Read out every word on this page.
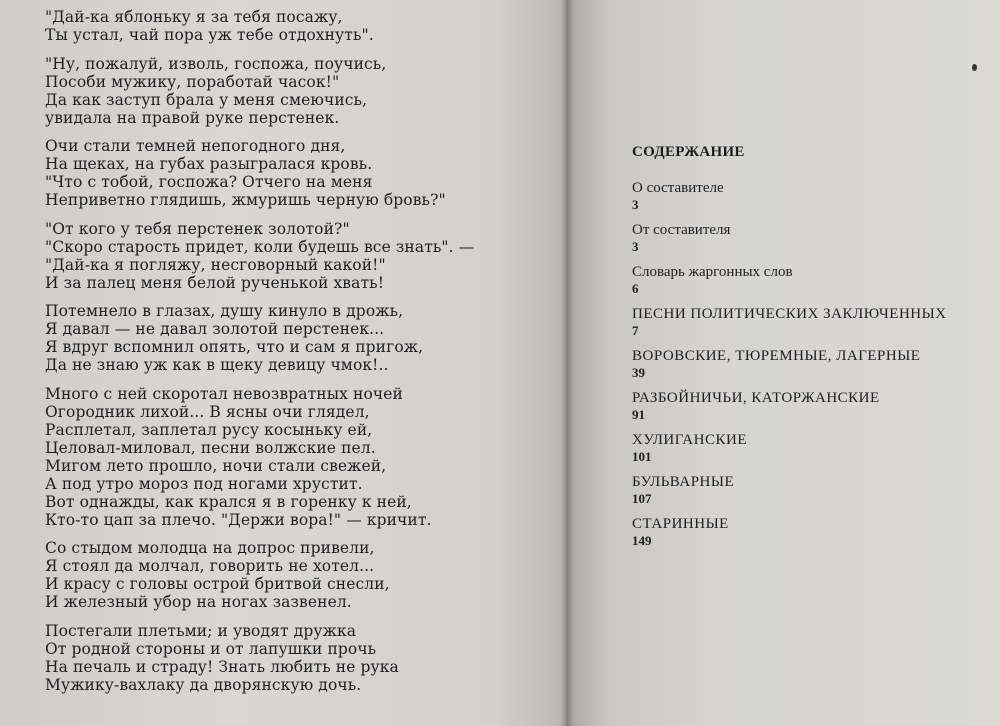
"Дай-ка яблоньку я за тебя посажу,
Ты устал, чай пора уж тебе отдохнуть".
"Ну, пожалуй, изволь, госпожа, поучись,
Пособи мужику, поработай часок!"
Да как заступ брала у меня смеючись,
увидала на правой руке перстенек.
Очи стали темней непогодного дня,
На щеках, на губах разыгралася кровь.
"Что с тобой, госпожа? Отчего на меня
Неприветно глядишь, жмуришь черную бровь?"
"От кого у тебя перстенек золотой?"
"Скоро старость придет, коли будешь все знать". —
"Дай-ка я погляжу, несговорный какой!"
И за палец меня белой рученькой хвать!
Потемнело в глазах, душу кинуло в дрожь,
Я давал — не давал золотой перстенек...
Я вдруг вспомнил опять, что и сам я пригож,
Да не знаю уж как в щеку девицу чмок!..
Много с ней скоротал невозвратных ночей
Огородник лихой... В ясны очи глядел,
Расплетал, заплетал русу косыньку ей,
Целовал-миловал, песни волжские пел.
Мигом лето прошло, ночи стали свежей,
А под утро мороз под ногами хрустит.
Вот однажды, как крался я в горенку к ней,
Кто-то цап за плечо. "Держи вора!" — кричит.
Со стыдом молодца на допрос привели,
Я стоял да молчал, говорить не хотел...
И красу с головы острой бритвой снесли,
И железный убор на ногах зазвенел.
Постегали плетьми; и уводят дружка
От родной стороны и от лапушки прочь
На печаль и страду! Знать любить не рука
Мужику-вахлаку да дворянскую дочь.
СОДЕРЖАНИЕ
О составителе
3
От составителя
3
Словарь жаргонных слов
6
ПЕСНИ ПОЛИТИЧЕСКИХ ЗАКЛЮЧЕННЫХ
7
ВОРОВСКИЕ, ТЮРЕМНЫЕ, ЛАГЕРНЫЕ
39
РАЗБОЙНИЧЬИ, КАТОРЖАНСКИЕ
91
ХУЛИГАНСКИЕ
101
БУЛЬВАРНЫЕ
107
СТАРИННЫЕ
149
